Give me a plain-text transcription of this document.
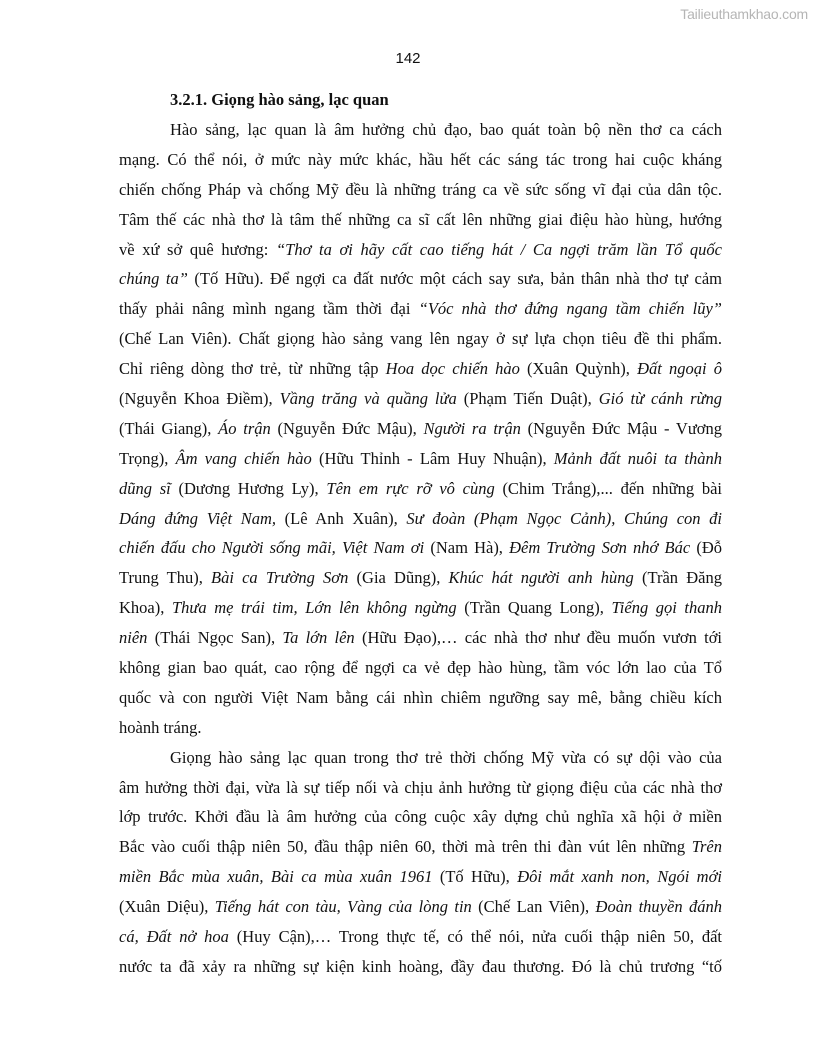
Tailieuthamkhao.com
142
3.2.1. Giọng hào sảng, lạc quan
Hào sảng, lạc quan là âm hưởng chủ đạo, bao quát toàn bộ nền thơ ca cách
mạng. Có thể nói, ở mức này mức khác, hầu hết các sáng tác trong hai cuộc kháng
chiến chống Pháp và chống Mỹ đều là những tráng ca về sức sống vĩ đại của dân tộc.
Tâm thế các nhà thơ là tâm thế những ca sĩ cất lên những giai điệu hào hùng, hướng
về xứ sở quê hương: “Thơ ta ơi hãy cất cao tiếng hát / Ca ngợi trăm lần Tổ quốc
chúng ta” (Tố Hữu). Để ngợi ca đất nước một cách say sưa, bản thân nhà thơ tự cảm
thấy phải nâng mình ngang tầm thời đại “Vóc nhà thơ đứng ngang tầm chiến lũy”
(Chế Lan Viên). Chất giọng hào sảng vang lên ngay ở sự lựa chọn tiêu đề thi phẩm.
Chỉ riêng dòng thơ trẻ, từ những tập Hoa dọc chiến hào (Xuân Quỳnh), Đất ngoại ô
(Nguyễn Khoa Điềm), Vầng trăng và quầng lửa (Phạm Tiến Duật), Gió từ cánh rừng
(Thái Giang), Áo trận (Nguyễn Đức Mậu), Người ra trận (Nguyễn Đức Mậu - Vương
Trọng), Âm vang chiến hào (Hữu Thỉnh - Lâm Huy Nhuận), Mảnh đất nuôi ta thành
dũng sĩ (Dương Hương Ly), Tên em rực rỡ vô cùng (Chim Trắng),... đến những bài
Dáng đứng Việt Nam, (Lê Anh Xuân), Sư đoàn (Phạm Ngọc Cảnh), Chúng con đi
chiến đấu cho Người sống mãi, Việt Nam ơi (Nam Hà), Đêm Trường Sơn nhớ Bác (Đỗ
Trung Thu), Bài ca Trường Sơn (Gia Dũng), Khúc hát người anh hùng (Trần Đăng
Khoa), Thưa mẹ trái tim, Lớn lên không ngừng (Trần Quang Long), Tiếng gọi thanh
niên (Thái Ngọc San), Ta lớn lên (Hữu Đạo),… các nhà thơ như đều muốn vươn tới
không gian bao quát, cao rộng để ngợi ca vẻ đẹp hào hùng, tầm vóc lớn lao của Tổ
quốc và con người Việt Nam bằng cái nhìn chiêm ngưỡng say mê, bằng chiều kích
hoành tráng.
Giọng hào sảng lạc quan trong thơ trẻ thời chống Mỹ vừa có sự dội vào của
âm hưởng thời đại, vừa là sự tiếp nối và chịu ảnh hưởng từ giọng điệu của các nhà thơ
lớp trước. Khởi đầu là âm hưởng của công cuộc xây dựng chủ nghĩa xã hội ở miền
Bắc vào cuối thập niên 50, đầu thập niên 60, thời mà trên thi đàn vút lên những Trên
miền Bắc mùa xuân, Bài ca mùa xuân 1961 (Tố Hữu), Đôi mắt xanh non, Ngói mới
(Xuân Diệu), Tiếng hát con tàu, Vàng của lòng tin (Chế Lan Viên), Đoàn thuyền đánh
cá, Đất nở hoa (Huy Cận),… Trong thực tế, có thể nói, nửa cuối thập niên 50, đất
nước ta đã xảy ra những sự kiện kinh hoàng, đầy đau thương. Đó là chủ trương “tố
